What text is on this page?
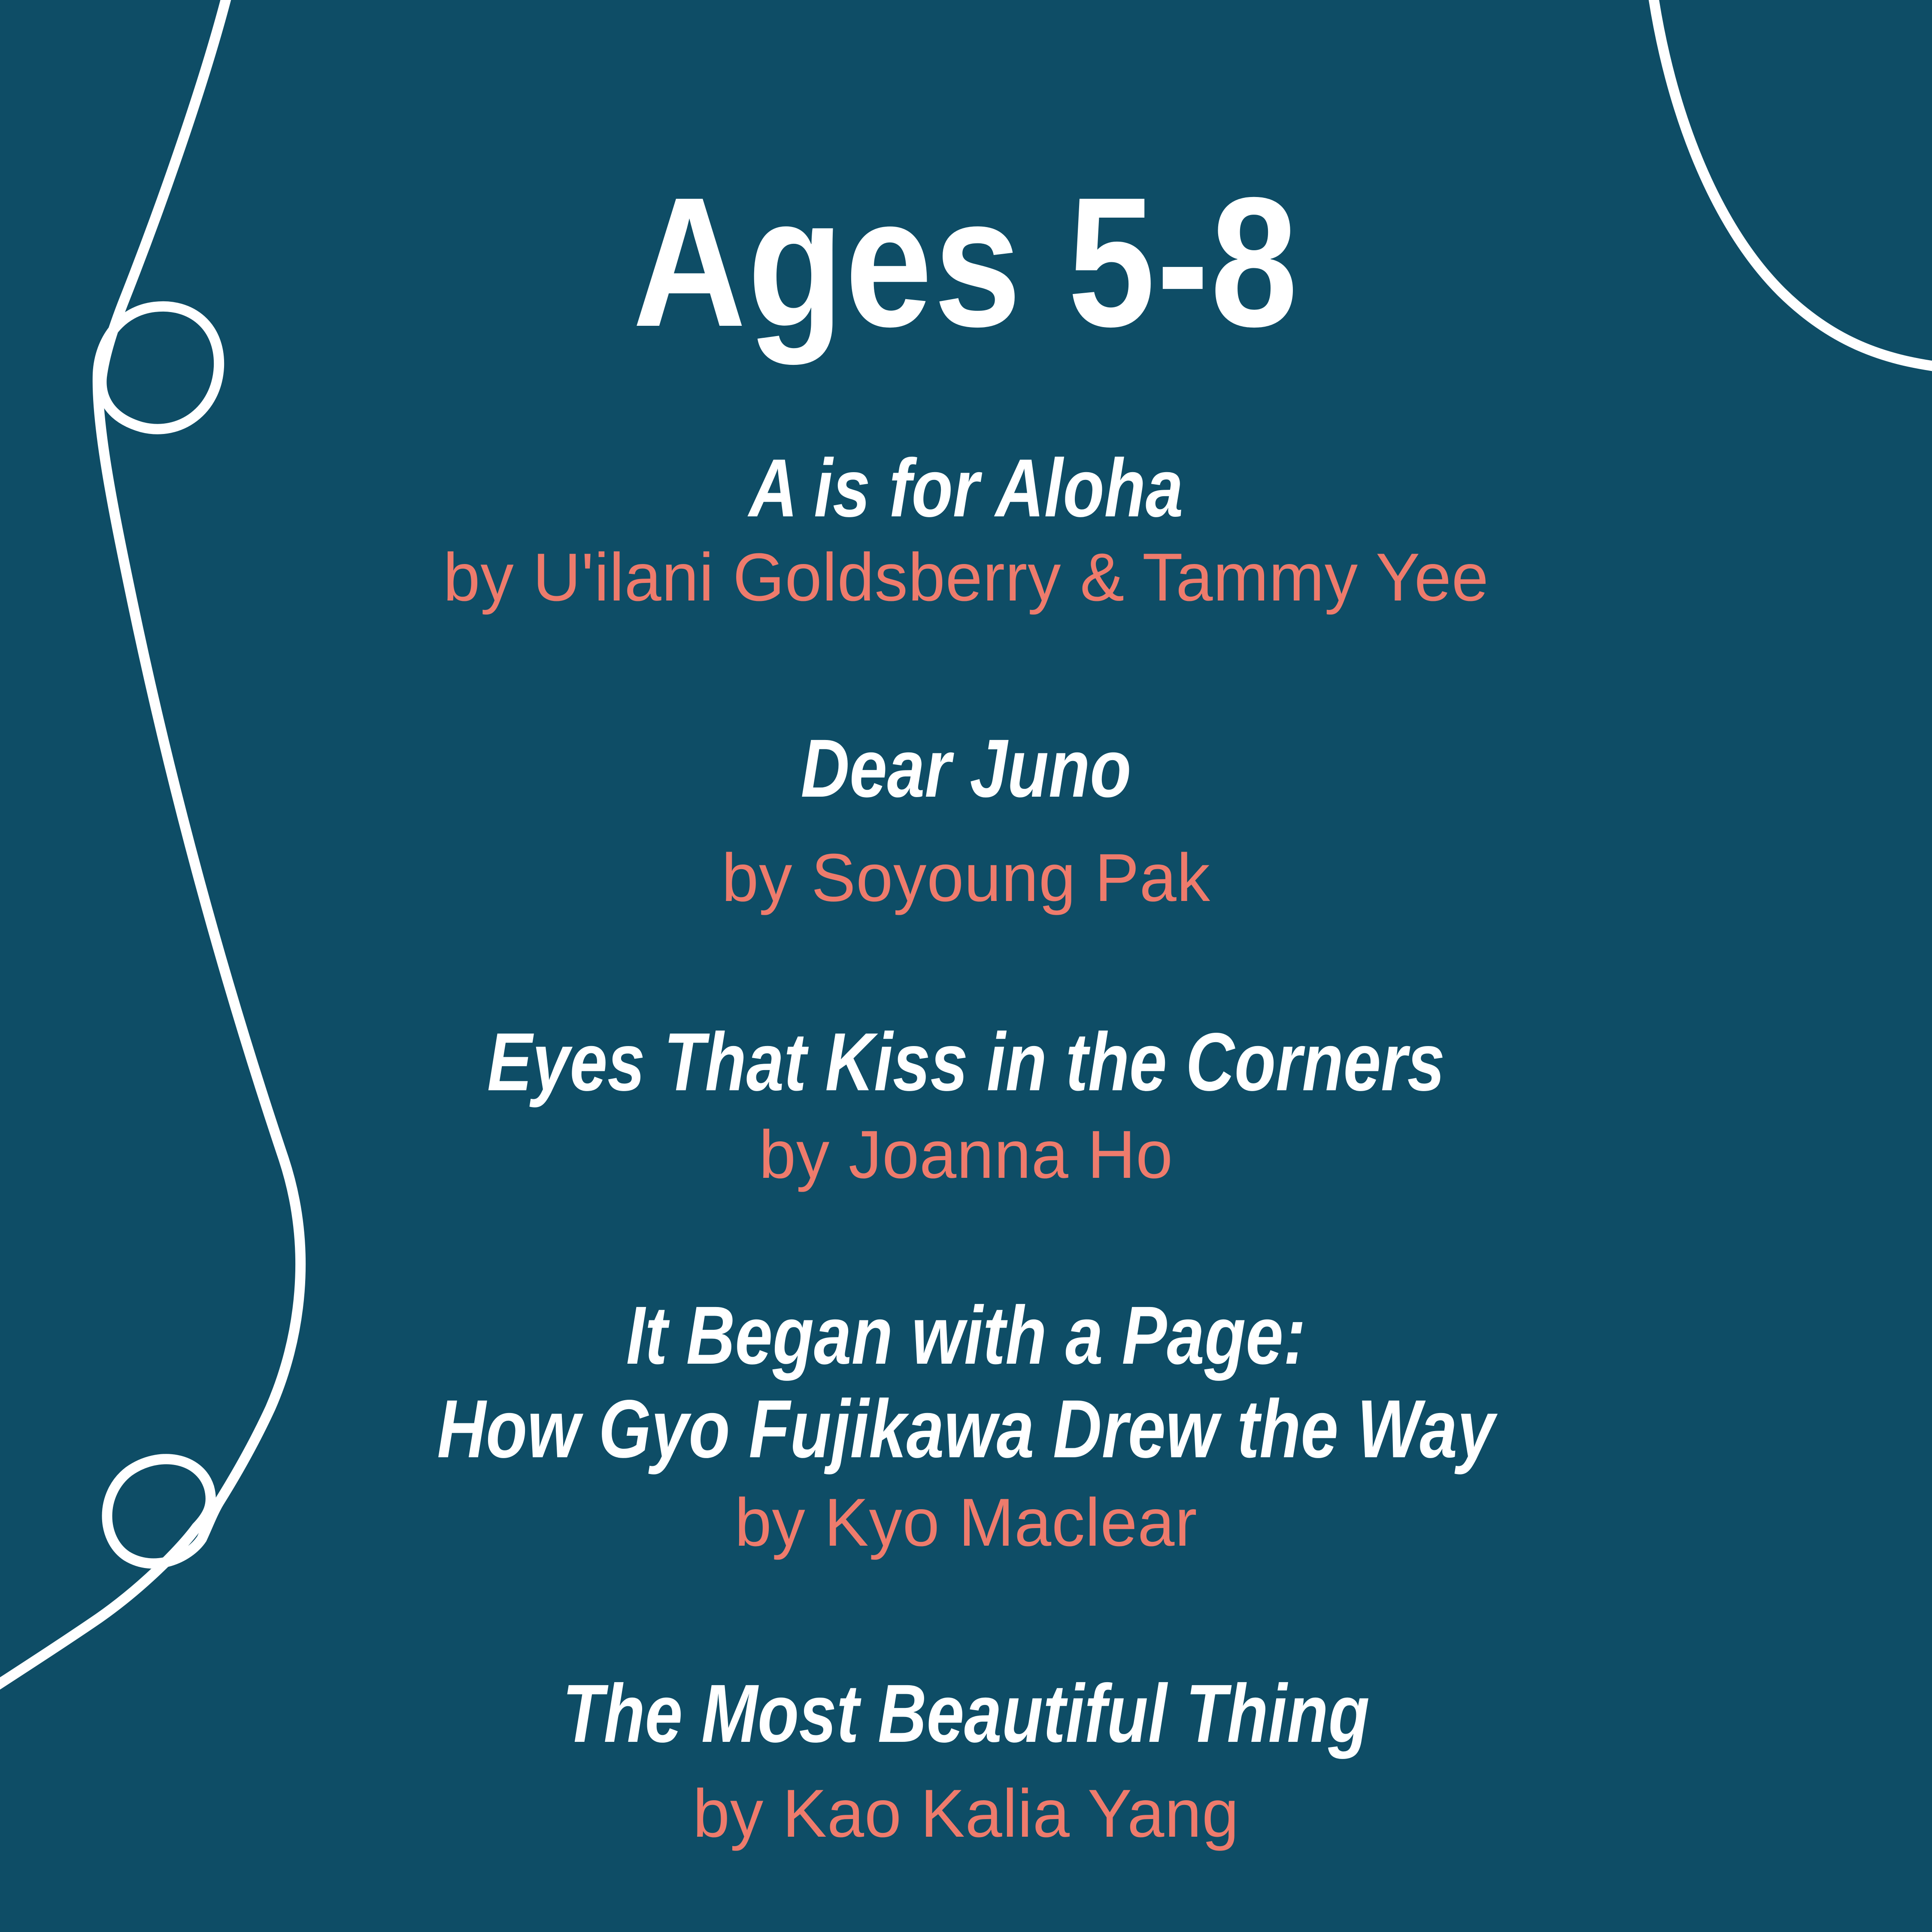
Ages 5-8
A is for Aloha
by U'ilani Goldsberry & Tammy Yee
Dear Juno
by Soyoung Pak
Eyes That Kiss in the Corners
by Joanna Ho
It Began with a Page:
How Gyo Fujikawa Drew the Way
by Kyo Maclear
The Most Beautiful Thing
by Kao Kalia Yang
